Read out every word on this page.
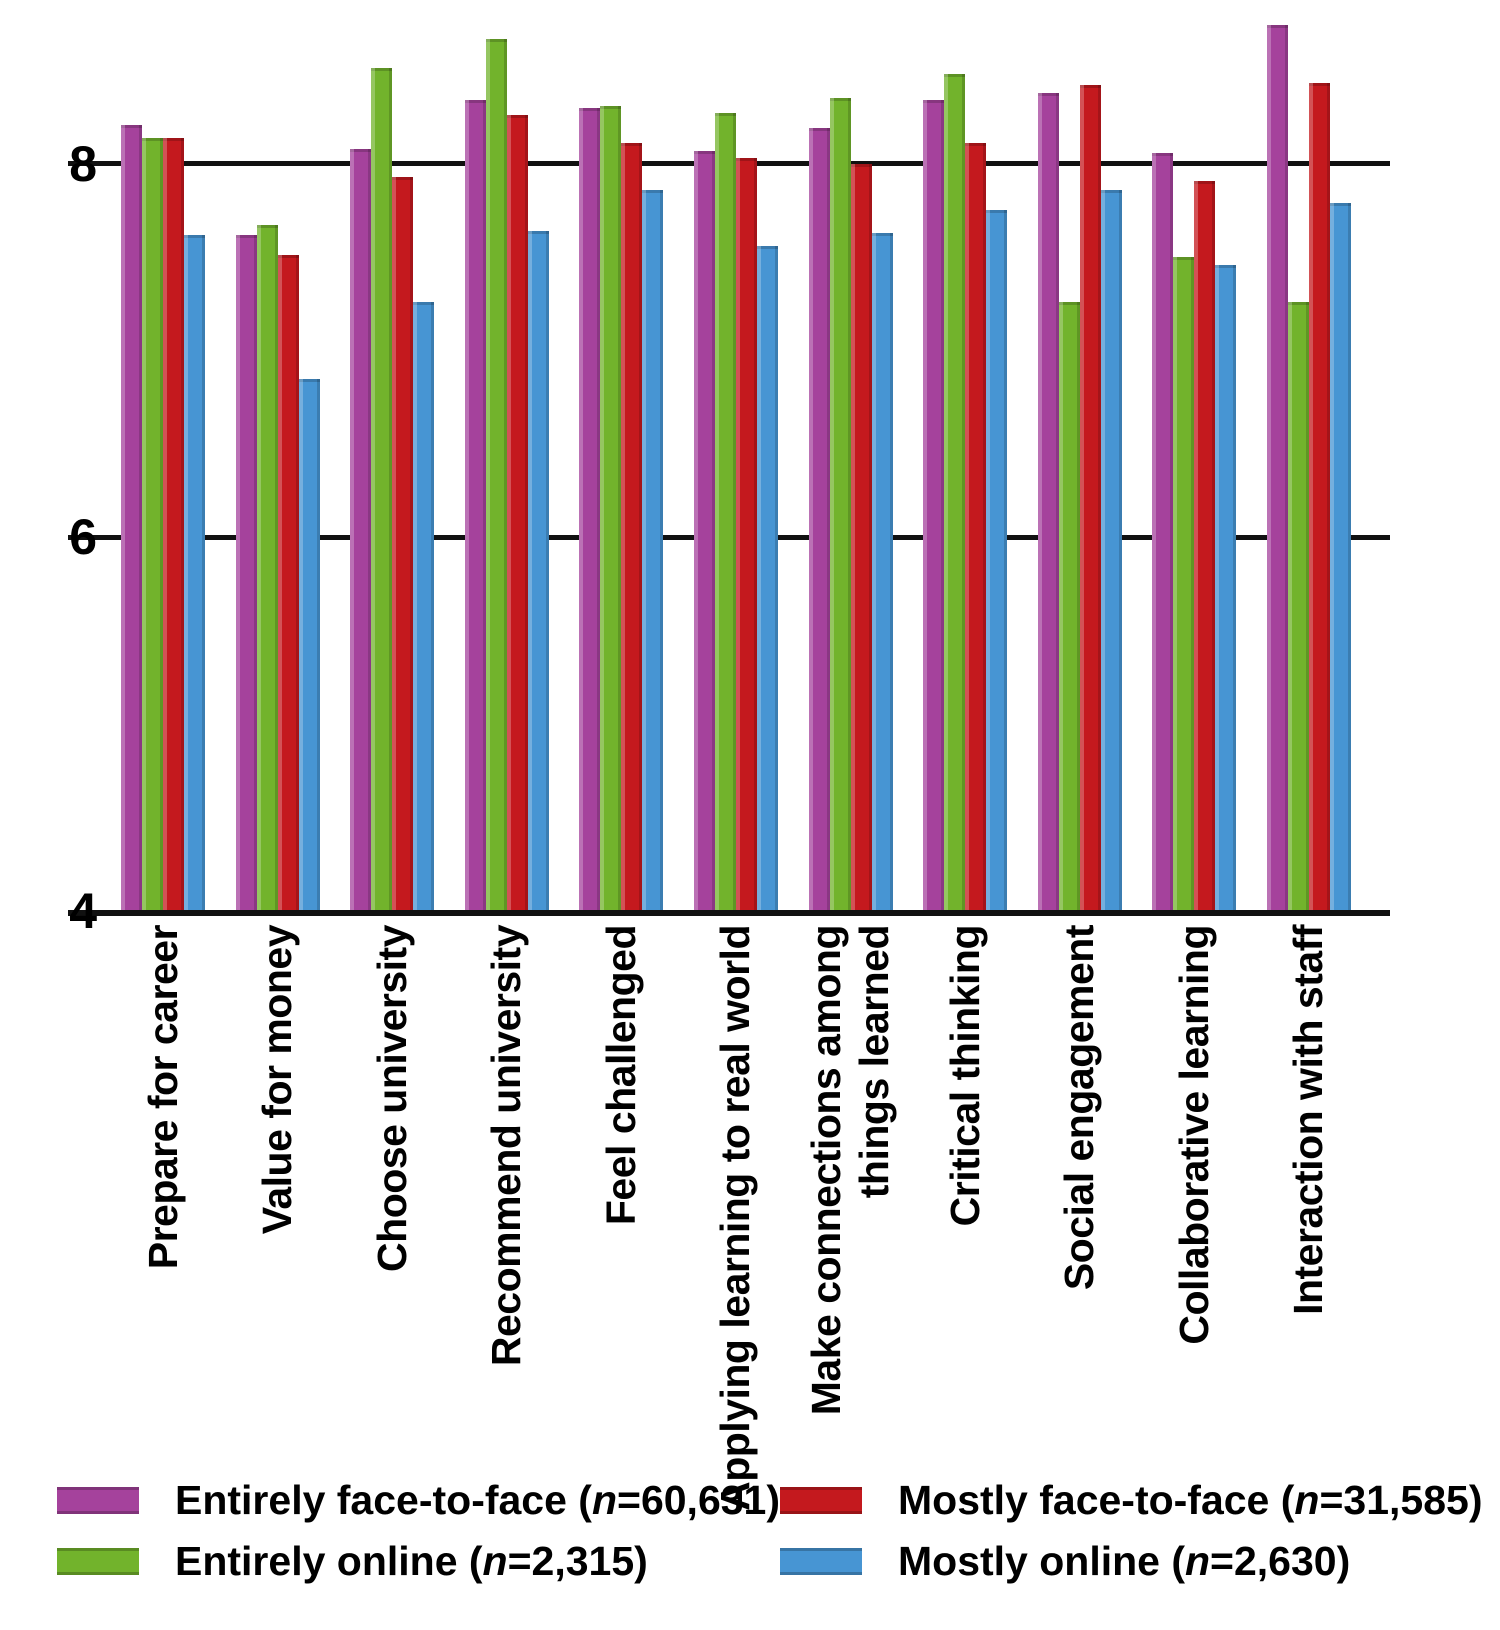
8
6
4
Prepare for career Value for money Choose university Recommend university Feel challenged Applying learning to real world Make connections among things learned Critical thinking Social engagement Collaborative learning Interaction with staff
Entirely face-to-face (n=60,631)
Entirely online (n=2,315)
Mostly face-to-face (n=31,585)
Mostly online (n=2,630)
